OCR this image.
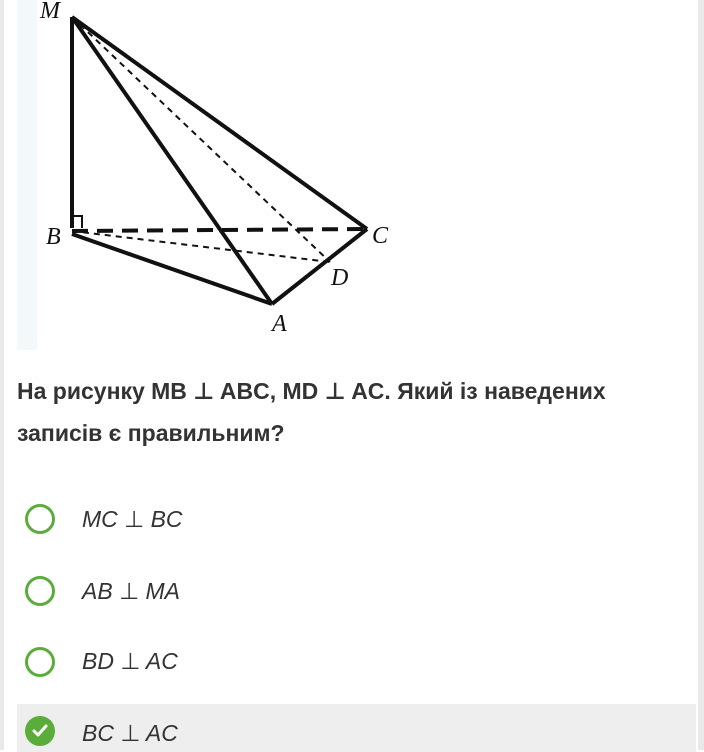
M
B	C
D
A
На рисунку MB ⊥ ABC, MD ⊥ AC. Який із наведених записів є правильним?
MC ⊥ BC
AB ⊥ MA
BD ⊥ AC
BC ⊥ AC
